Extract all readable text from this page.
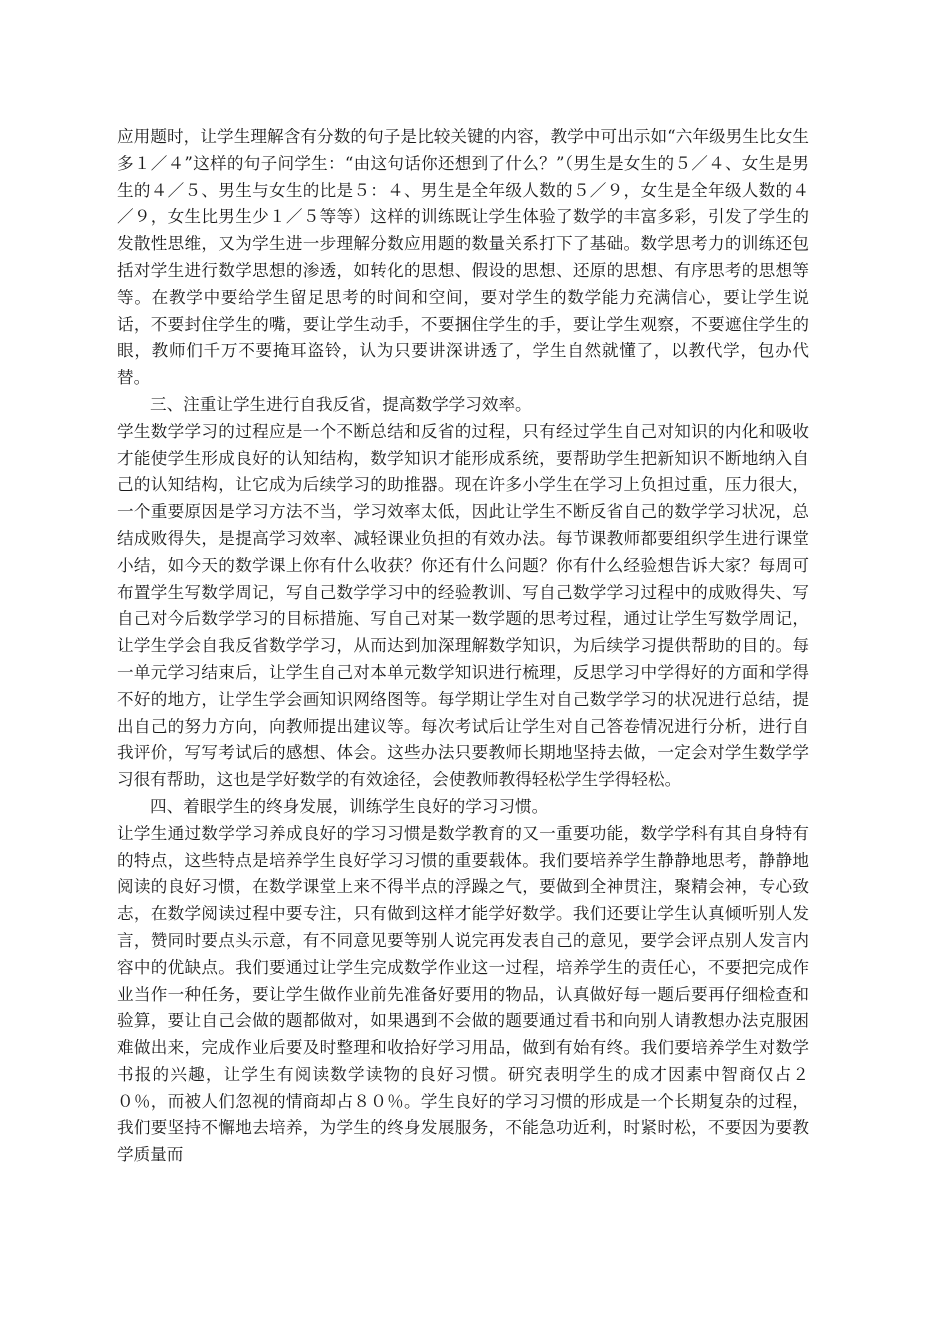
应用题时，让学生理解含有分数的句子是比较关键的内容，教学中可出示如“六年级男生比女生多１／４”这样的句子问学生：“由这句话你还想到了什么？”（男生是女生的５／４、女生是男生的４／５、男生与女生的比是５：４、男生是全年级人数的５／９，女生是全年级人数的４／９，女生比男生少１／５等等）这样的训练既让学生体验了数学的丰富多彩，引发了学生的发散性思维，又为学生进一步理解分数应用题的数量关系打下了基础。数学思考力的训练还包括对学生进行数学思想的渗透，如转化的思想、假设的思想、还原的思想、有序思考的思想等等。在教学中要给学生留足思考的时间和空间，要对学生的数学能力充满信心，要让学生说话，不要封住学生的嘴，要让学生动手，不要捆住学生的手，要让学生观察，不要遮住学生的眼，教师们千万不要掩耳盗铃，认为只要讲深讲透了，学生自然就懂了，以教代学，包办代替。

三、注重让学生进行自我反省，提高数学学习效率。

学生数学学习的过程应是一个不断总结和反省的过程，只有经过学生自己对知识的内化和吸收才能使学生形成良好的认知结构，数学知识才能形成系统，要帮助学生把新知识不断地纳入自己的认知结构，让它成为后续学习的助推器。现在许多小学生在学习上负担过重，压力很大，一个重要原因是学习方法不当，学习效率太低，因此让学生不断反省自己的数学学习状况，总结成败得失，是提高学习效率、减轻课业负担的有效办法。每节课教师都要组织学生进行课堂小结，如今天的数学课上你有什么收获？你还有什么问题？你有什么经验想告诉大家？每周可布置学生写数学周记，写自己数学学习中的经验教训、写自己数学学习过程中的成败得失、写自己对今后数学学习的目标措施、写自己对某一数学题的思考过程，通过让学生写数学周记，让学生学会自我反省数学学习，从而达到加深理解数学知识，为后续学习提供帮助的目的。每一单元学习结束后，让学生自己对本单元数学知识进行梳理，反思学习中学得好的方面和学得不好的地方，让学生学会画知识网络图等。每学期让学生对自己数学学习的状况进行总结，提出自己的努力方向，向教师提出建议等。每次考试后让学生对自己答卷情况进行分析，进行自我评价，写写考试后的感想、体会。这些办法只要教师长期地坚持去做，一定会对学生数学学习很有帮助，这也是学好数学的有效途径，会使教师教得轻松学生学得轻松。

四、着眼学生的终身发展，训练学生良好的学习习惯。

让学生通过数学学习养成良好的学习习惯是数学教育的又一重要功能，数学学科有其自身特有的特点，这些特点是培养学生良好学习习惯的重要载体。我们要培养学生静静地思考，静静地阅读的良好习惯，在数学课堂上来不得半点的浮躁之气，要做到全神贯注，聚精会神，专心致志，在数学阅读过程中要专注，只有做到这样才能学好数学。我们还要让学生认真倾听别人发言，赞同时要点头示意，有不同意见要等别人说完再发表自己的意见，要学会评点别人发言内容中的优缺点。我们要通过让学生完成数学作业这一过程，培养学生的责任心，不要把完成作业当作一种任务，要让学生做作业前先准备好要用的物品，认真做好每一题后要再仔细检查和验算，要让自己会做的题都做对，如果遇到不会做的题要通过看书和向别人请教想办法克服困难做出来，完成作业后要及时整理和收拾好学习用品，做到有始有终。我们要培养学生对数学书报的兴趣，让学生有阅读数学读物的良好习惯。研究表明学生的成才因素中智商仅占２０％，而被人们忽视的情商却占８０％。学生良好的学习习惯的形成是一个长期复杂的过程，我们要坚持不懈地去培养，为学生的终身发展服务，不能急功近利，时紧时松，不要因为要教学质量而
